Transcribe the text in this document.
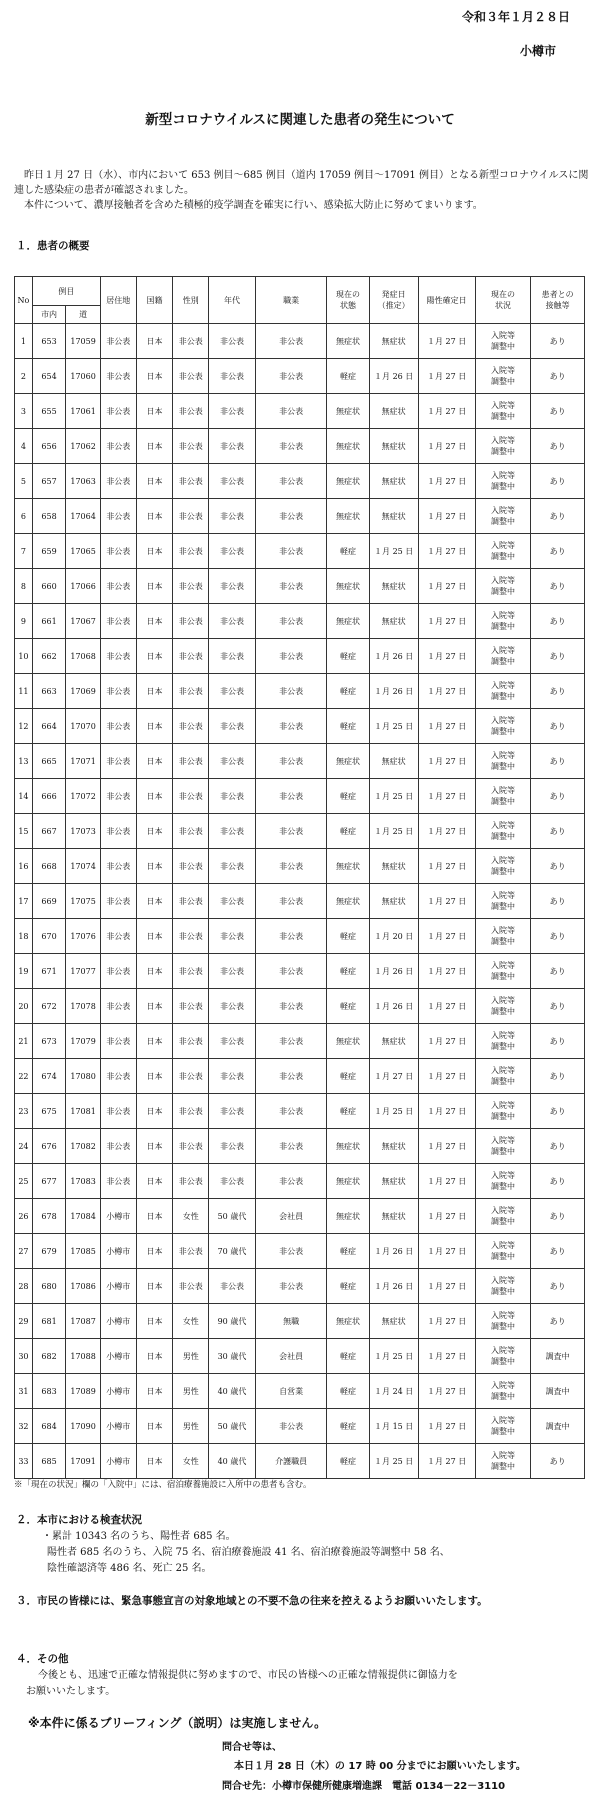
令和３年１月２８日
小樽市
新型コロナウイルスに関連した患者の発生について

昨日１月 27 日（水）、市内において 653 例目～685 例目（道内 17059 例目～17091 例目）となる新型コロナウイルスに関連した感染症の患者が確認されました。

本件について、濃厚接触者を含めた積極的疫学調査を確実に行い、感染拡大防止に努めてまいります。

１．患者の概要
No	例目		居住地	国籍	性別	年代	職業	現在の
状態	発症日
（推定）	陽性確定日	現在の
状況	患者との
接触等

	市内	道										
1	653	17059	非公表	日本	非公表	非公表	非公表	無症状	無症状	１月 27 日	入院等
調整中	あり
2	654	17060	非公表	日本	非公表	非公表	非公表	軽症	１月 26 日	１月 27 日	入院等
調整中	あり
3	655	17061	非公表	日本	非公表	非公表	非公表	無症状	無症状	１月 27 日	入院等
調整中	あり
4	656	17062	非公表	日本	非公表	非公表	非公表	無症状	無症状	１月 27 日	入院等
調整中	あり
5	657	17063	非公表	日本	非公表	非公表	非公表	無症状	無症状	１月 27 日	入院等
調整中	あり
6	658	17064	非公表	日本	非公表	非公表	非公表	無症状	無症状	１月 27 日	入院等
調整中	あり
7	659	17065	非公表	日本	非公表	非公表	非公表	軽症	１月 25 日	１月 27 日	入院等
調整中	あり
8	660	17066	非公表	日本	非公表	非公表	非公表	無症状	無症状	１月 27 日	入院等
調整中	あり
9	661	17067	非公表	日本	非公表	非公表	非公表	無症状	無症状	１月 27 日	入院等
調整中	あり
10	662	17068	非公表	日本	非公表	非公表	非公表	軽症	１月 26 日	１月 27 日	入院等
調整中	あり
11	663	17069	非公表	日本	非公表	非公表	非公表	軽症	１月 26 日	１月 27 日	入院等
調整中	あり
12	664	17070	非公表	日本	非公表	非公表	非公表	軽症	１月 25 日	１月 27 日	入院等
調整中	あり
13	665	17071	非公表	日本	非公表	非公表	非公表	無症状	無症状	１月 27 日	入院等
調整中	あり
14	666	17072	非公表	日本	非公表	非公表	非公表	軽症	１月 25 日	１月 27 日	入院等
調整中	あり
15	667	17073	非公表	日本	非公表	非公表	非公表	軽症	１月 25 日	１月 27 日	入院等
調整中	あり
16	668	17074	非公表	日本	非公表	非公表	非公表	無症状	無症状	１月 27 日	入院等
調整中	あり
17	669	17075	非公表	日本	非公表	非公表	非公表	無症状	無症状	１月 27 日	入院等
調整中	あり
18	670	17076	非公表	日本	非公表	非公表	非公表	軽症	１月 20 日	１月 27 日	入院等
調整中	あり
19	671	17077	非公表	日本	非公表	非公表	非公表	軽症	１月 26 日	１月 27 日	入院等
調整中	あり
20	672	17078	非公表	日本	非公表	非公表	非公表	軽症	１月 26 日	１月 27 日	入院等
調整中	あり
21	673	17079	非公表	日本	非公表	非公表	非公表	無症状	無症状	１月 27 日	入院等
調整中	あり
22	674	17080	非公表	日本	非公表	非公表	非公表	軽症	１月 27 日	１月 27 日	入院等
調整中	あり
23	675	17081	非公表	日本	非公表	非公表	非公表	軽症	１月 25 日	１月 27 日	入院等
調整中	あり
24	676	17082	非公表	日本	非公表	非公表	非公表	無症状	無症状	１月 27 日	入院等
調整中	あり
25	677	17083	非公表	日本	非公表	非公表	非公表	無症状	無症状	１月 27 日	入院等
調整中	あり
26	678	17084	小樽市	日本	女性	50 歳代	会社員	無症状	無症状	１月 27 日	入院等
調整中	あり
27	679	17085	小樽市	日本	非公表	70 歳代	非公表	軽症	１月 26 日	１月 27 日	入院等
調整中	あり
28	680	17086	小樽市	日本	非公表	非公表	非公表	軽症	１月 26 日	１月 27 日	入院等
調整中	あり
29	681	17087	小樽市	日本	女性	90 歳代	無職	無症状	無症状	１月 27 日	入院等
調整中	あり
30	682	17088	小樽市	日本	男性	30 歳代	会社員	軽症	１月 25 日	１月 27 日	入院等
調整中	調査中
31	683	17089	小樽市	日本	男性	40 歳代	自営業	軽症	１月 24 日	１月 27 日	入院等
調整中	調査中
32	684	17090	小樽市	日本	男性	50 歳代	非公表	軽症	１月 15 日	１月 27 日	入院等
調整中	調査中
33	685	17091	小樽市	日本	女性	40 歳代	介護職員	軽症	１月 25 日	１月 27 日	入院等
調整中	あり
※「現在の状況」欄の「入院中」には、宿泊療養施設に入所中の患者も含む。
２．本市における検査状況
・累計 10343 名のうち、陽性者 685 名。
陽性者 685 名のうち、入院 75 名、宿泊療養施設 41 名、宿泊療養施設等調整中 58 名、
陰性確認済等 486 名、死亡 25 名。
３．市民の皆様には、緊急事態宣言の対象地域との不要不急の往来を控えるようお願いいたします。
４．その他
今後とも、迅速で正確な情報提供に努めますので、市民の皆様への正確な情報提供に御協力を
お願いいたします。
※本件に係るブリーフィング（説明）は実施しません。
問合せ等は、
本日１月 28 日（木）の 17 時 00 分までにお願いいたします。
問合せ先：小樽市保健所健康増進課　電話 0134－22－3110
